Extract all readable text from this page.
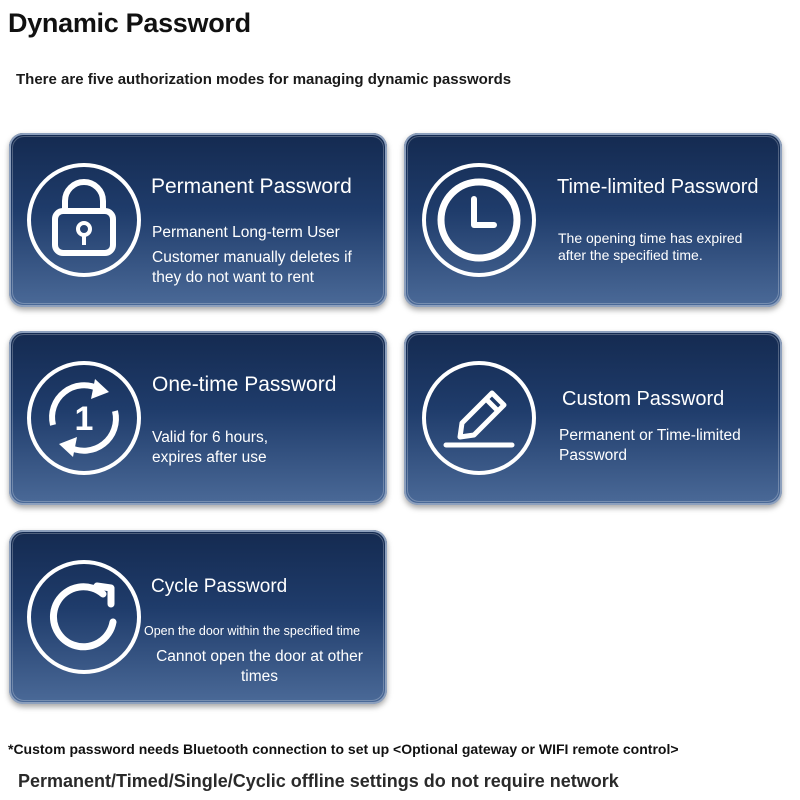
Dynamic Password
There are five authorization modes for managing dynamic passwords
Permanent Password
Permanent Long-term User
Customer manually deletes if they do not want to rent
Time-limited Password
The opening time has expired after the specified time.
1
One-time Password
Valid for 6 hours, expires after use
Custom Password
Permanent or Time-limited Password
Cycle Password
Open the door within the specified time
Cannot open the door at other times
*Custom password needs Bluetooth connection to set up <Optional gateway or WIFI remote control>
Permanent/Timed/Single/Cyclic offline settings do not require network
